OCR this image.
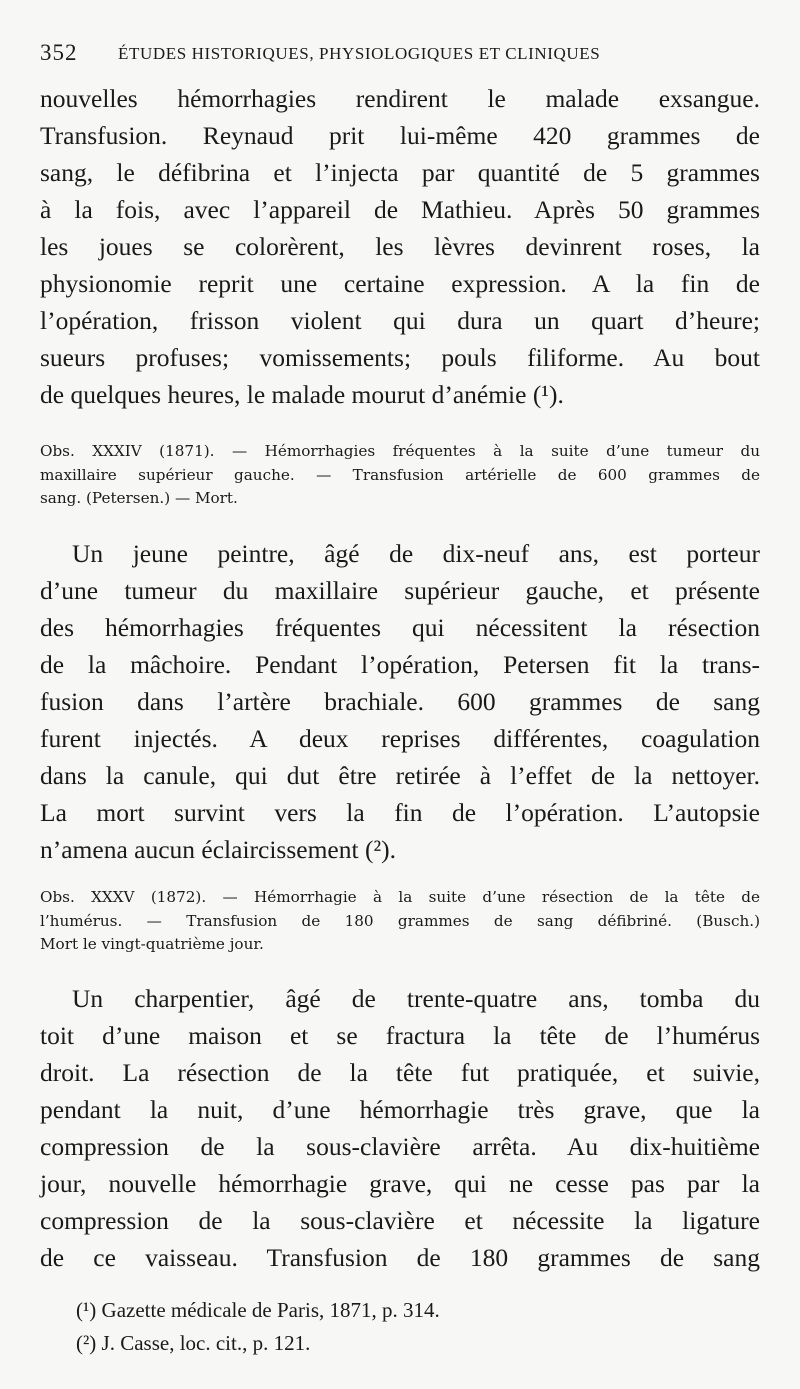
352 ÉTUDES HISTORIQUES, PHYSIOLOGIQUES ET CLINIQUES
nouvelles hémorrhagies rendirent le malade exsangue.
Transfusion. Reynaud prit lui-même 420 grammes de
sang, le défibrina et l’injecta par quantité de 5 grammes
à la fois, avec l’appareil de Mathieu. Après 50 grammes
les joues se colorèrent, les lèvres devinrent roses, la
physionomie reprit une certaine expression. A la fin de
l’opération, frisson violent qui dura un quart d’heure;
sueurs profuses; vomissements; pouls filiforme. Au bout
de quelques heures, le malade mourut d’anémie (¹).
Obs. XXXIV (1871). — Hémorrhagies fréquentes à la suite d’une tumeur du
maxillaire supérieur gauche. — Transfusion artérielle de 600 grammes de
sang. (Petersen.) — Mort.
Un jeune peintre, âgé de dix-neuf ans, est porteur
d’une tumeur du maxillaire supérieur gauche, et présente
des hémorrhagies fréquentes qui nécessitent la résection
de la mâchoire. Pendant l’opération, Petersen fit la trans-
fusion dans l’artère brachiale. 600 grammes de sang
furent injectés. A deux reprises différentes, coagulation
dans la canule, qui dut être retirée à l’effet de la nettoyer.
La mort survint vers la fin de l’opération. L’autopsie
n’amena aucun éclaircissement (²).
Obs. XXXV (1872). — Hémorrhagie à la suite d’une résection de la tête de
l’humérus. — Transfusion de 180 grammes de sang défibriné. (Busch.)
Mort le vingt-quatrième jour.
Un charpentier, âgé de trente-quatre ans, tomba du
toit d’une maison et se fractura la tête de l’humérus
droit. La résection de la tête fut pratiquée, et suivie,
pendant la nuit, d’une hémorrhagie très grave, que la
compression de la sous-clavière arrêta. Au dix-huitième
jour, nouvelle hémorrhagie grave, qui ne cesse pas par la
compression de la sous-clavière et nécessite la ligature
de ce vaisseau. Transfusion de 180 grammes de sang
(¹) Gazette médicale de Paris, 1871, p. 314.
(²) J. Casse, loc. cit., p. 121.
